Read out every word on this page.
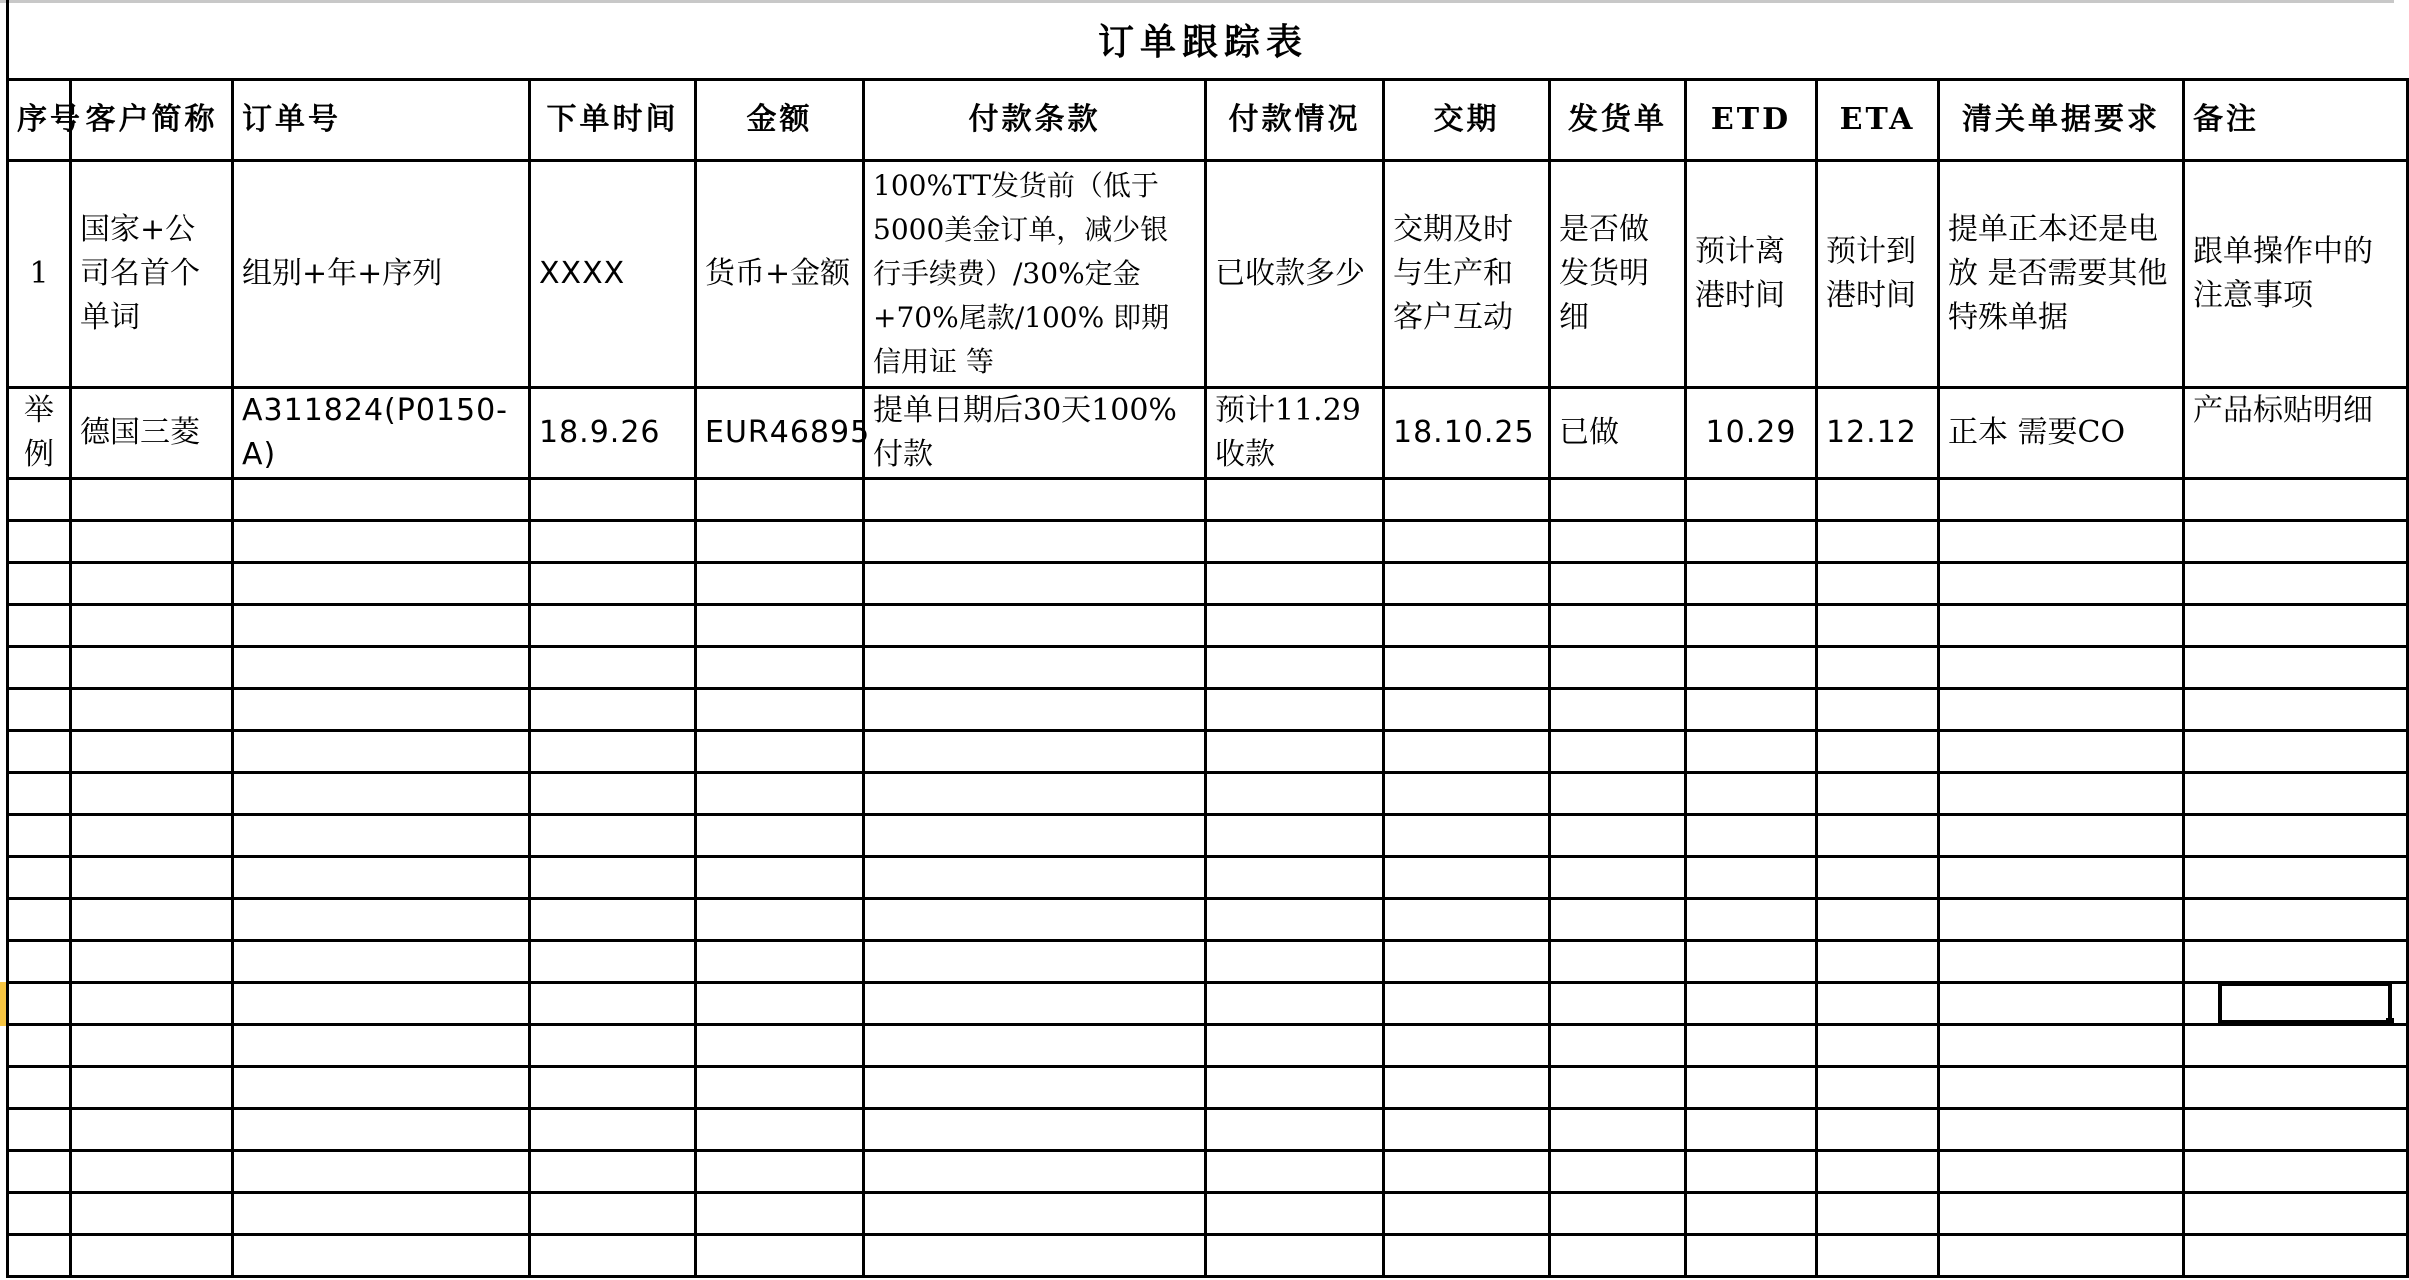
订单跟踪表
序号	客户简称	订单号	下单时间	金额	付款条款	付款情况	交期	发货单	ETD	ETA	清关单据要求	备注
1	国家+公司名首个单词	组别+年+序列	XXXX	货币+金额	100%TT发货前（低于5000美金订单，减少银行手续费）/30%定金+70%尾款/100% 即期信用证 等	已收款多少	交期及时与生产和客户互动	是否做发货明细	预计离港时间	预计到港时间	提单正本还是电放 是否需要其他特殊单据	跟单操作中的注意事项
举例	德国三菱	A311824(P0150-A)	18.9.26	EUR46895	提单日期后30天100%付款	预计11.29收款	18.10.25	已做	10.29	12.12	正本 需要CO	产品标贴明细
